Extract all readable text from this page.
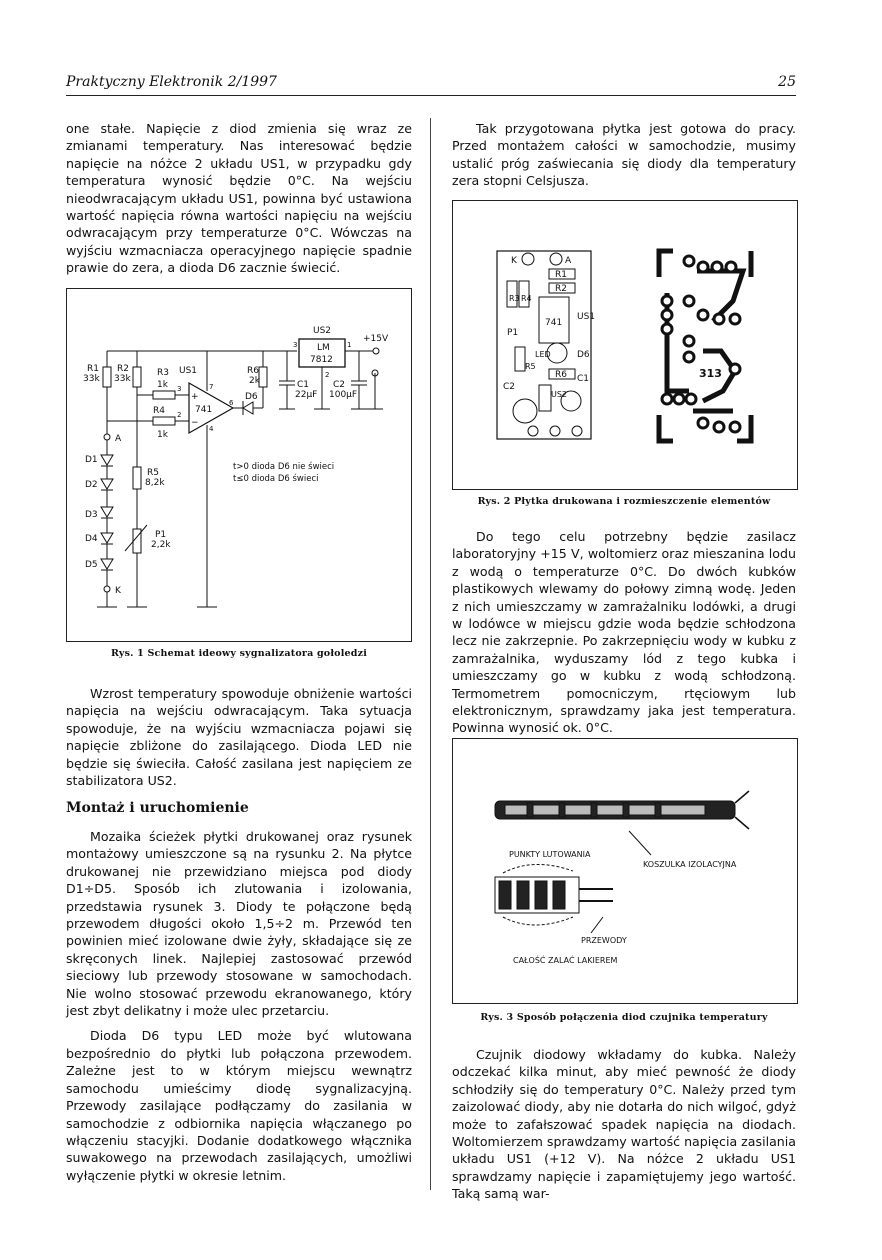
Praktyczny Elektronik 2/1997	25

one stałe. Napięcie z diod zmienia się wraz ze zmianami temperatury. Nas interesować będzie napięcie na nóżce 2 układu US1, w przypadku gdy temperatura wynosić będzie 0°C. Na wejściu nieodwracającym układu US1, powinna być ustawiona wartość napięcia równa wartości napięciu na wejściu odwracającym przy temperaturze 0°C. Wówczas na wyjściu wzmacniacza operacyjnego napięcie spadnie prawie do zera, a dioda D6 zacznie świecić.

US2
LM
7812
3	1
2
+15V
R1
33k
R2
33k
R3
1k
R4
1k
US1
741
+
−
3
2
7
6
4
D6
R6
2k	C1
22µF
C2
100µF
A
D1
D2
D3
D4
D5
K
R5
8,2k
P1
2,2k
t>0 dioda D6 nie świeci
t≤0 dioda D6 świeci
Rys. 1 Schemat ideowy sygnalizatora gołoledzi

Wzrost temperatury spowoduje obniżenie wartości napięcia na wejściu odwracającym. Taka sytuacja spowoduje, że na wyjściu wzmacniacza pojawi się napięcie zbliżone do zasilającego. Dioda LED nie będzie się świeciła. Całość zasilana jest napięciem ze stabilizatora US2.

Montaż i uruchomienie

Mozaika ścieżek płytki drukowanej oraz rysunek montażowy umieszczone są na rysunku 2. Na płytce drukowanej nie przewidziano miejsca pod diody D1÷D5. Sposób ich zlutowania i izolowania, przedstawia rysunek 3. Diody te połączone będą przewodem długości około 1,5÷2 m. Przewód ten powinien mieć izolowane dwie żyły, składające się ze skręconych linek. Najlepiej zastosować przewód sieciowy lub przewody stosowane w samochodach. Nie wolno stosować przewodu ekranowanego, który jest zbyt delikatny i może ulec przetarciu.

Dioda D6 typu LED może być wlutowana bezpośrednio do płytki lub połączona przewodem. Zależne jest to w którym miejscu wewnątrz samochodu umieścimy diodę sygnalizacyjną. Przewody zasilające podłączamy do zasilania w samochodzie z odbiornika napięcia włączanego po włączeniu stacyjki. Dodanie dodatkowego włącznika suwakowego na przewodach zasilających, umożliwi wyłączenie płytki w okresie letnim.

Tak przygotowana płytka jest gotowa do pracy. Przed montażem całości w samochodzie, musimy ustalić próg zaświecania się diody dla temperatury zera stopni Celsjusza.

K	A
R1
R2
R3 R4
741
US1
P1
LED	D6
R5
R6 C1
C2
US2
313
Rys. 2 Płytka drukowana i rozmieszczenie elementów

Do tego celu potrzebny będzie zasilacz laboratoryjny +15 V, woltomierz oraz mieszanina lodu z wodą o temperaturze 0°C. Do dwóch kubków plastikowych wlewamy do połowy zimną wodę. Jeden z nich umieszczamy w zamrażalniku lodówki, a drugi w lodówce w miejscu gdzie woda będzie schłodzona lecz nie zakrzepnie. Po zakrzepnięciu wody w kubku z zamrażalnika, wyduszamy lód z tego kubka i umieszczamy go w kubku z wodą schłodzoną. Termometrem pomocniczym, rtęciowym lub elektronicznym, sprawdzamy jaka jest temperatura. Powinna wynosić ok. 0°C.

PUNKTY LUTOWANIA
KOSZULKA IZOLACYJNA
PRZEWODY
CAŁOŚĆ ZALAĆ LAKIEREM
Rys. 3 Sposób połączenia diod czujnika temperatury

Czujnik diodowy wkładamy do kubka. Należy odczekać kilka minut, aby mieć pewność że diody schłodziły się do temperatury 0°C. Należy przed tym zaizolować diody, aby nie dotarła do nich wilgoć, gdyż może to zafałszować spadek napięcia na diodach. Woltomierzem sprawdzamy wartość napięcia zasilania układu US1 (+12 V). Na nóżce 2 układu US1 sprawdzamy napięcie i zapamiętujemy jego wartość. Taką samą war-
